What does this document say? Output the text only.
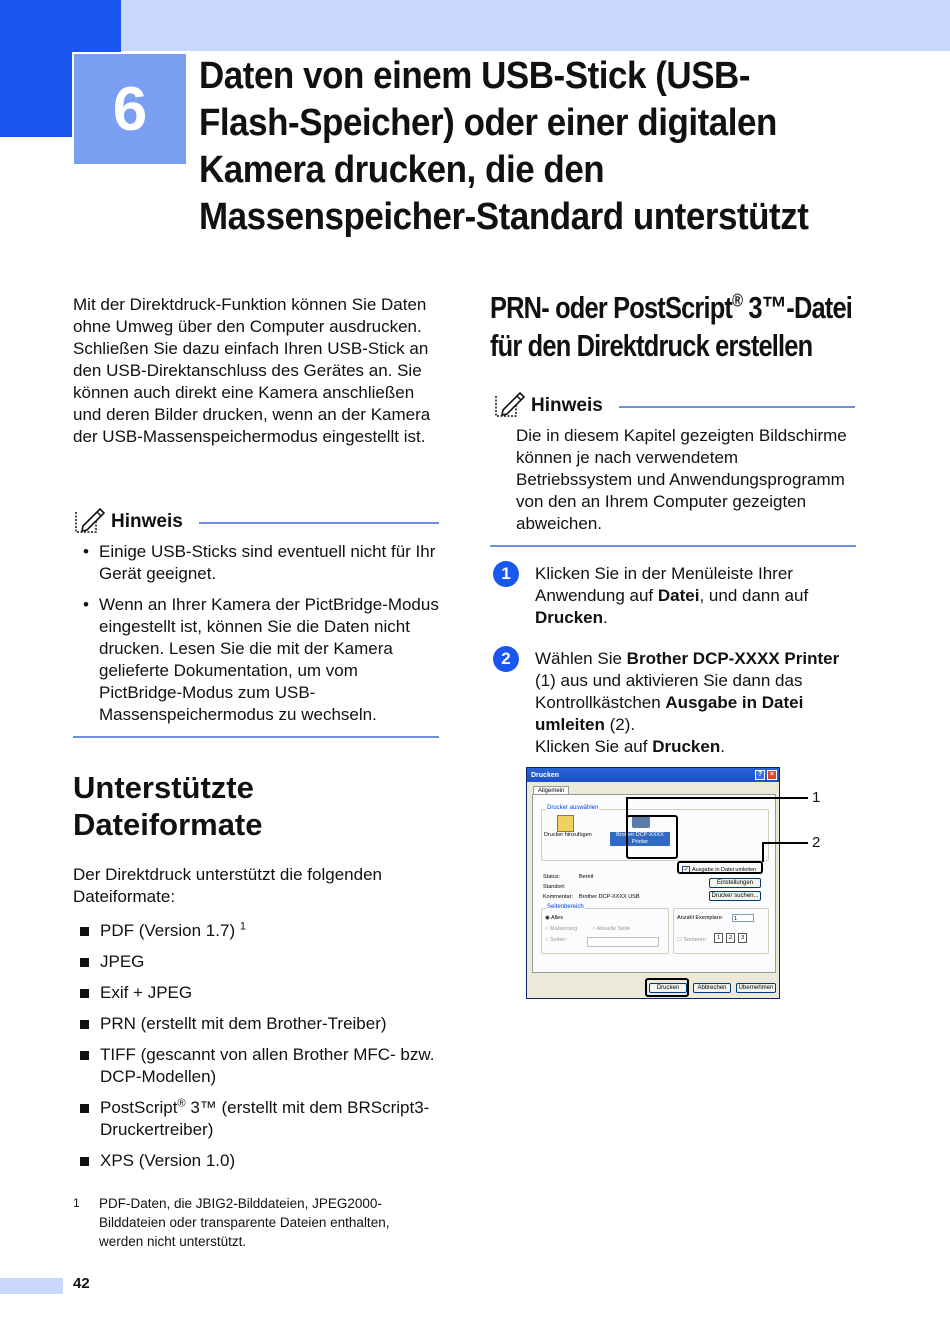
6	Daten von einem USB-Stick (USB-
Flash-Speicher) oder einer digitalen
Kamera drucken, die den
Massenspeicher-Standard unterstützt
Mit der Direktdruck-Funktion können Sie Daten ohne Umweg über den Computer ausdrucken. Schließen Sie dazu einfach Ihren USB-Stick an den USB-Direktanschluss des Gerätes an. Sie können auch direkt eine Kamera anschließen und deren Bilder drucken, wenn an der Kamera der USB-Massenspeichermodus eingestellt ist.
Hinweis
• Einige USB-Sticks sind eventuell nicht für Ihr Gerät geeignet.
• Wenn an Ihrer Kamera der PictBridge-Modus eingestellt ist, können Sie die Daten nicht drucken. Lesen Sie die mit der Kamera gelieferte Dokumentation, um vom PictBridge-Modus zum USB-Massenspeichermodus zu wechseln.
Unterstützte
Dateiformate
Der Direktdruck unterstützt die folgenden Dateiformate:
PDF (Version 1.7) $^1$
JPEG
Exif + JPEG
PRN (erstellt mit dem Brother-Treiber)
TIFF (gescannt von allen Brother MFC- bzw. DCP-Modellen)
PostScript® 3™ (erstellt mit dem BRScript3-Druckertreiber)
XPS (Version 1.0)
1 PDF-Daten, die JBIG2-Bilddateien, JPEG2000-Bilddateien oder transparente Dateien enthalten, werden nicht unterstützt.
42
PRN- oder PostScript® 3™-Datei
für den Direktdruck erstellen
Hinweis
Die in diesem Kapitel gezeigten Bildschirme können je nach verwendetem Betriebssystem und Anwendungsprogramm von den an Ihrem Computer gezeigten abweichen.
1	Klicken Sie in der Menüleiste Ihrer Anwendung auf Datei, und dann auf Drucken.
2	Wählen Sie Brother DCP-XXXX Printer (1) aus und aktivieren Sie dann das Kontrollkästchen Ausgabe in Datei umleiten (2).
Klicken Sie auf Drucken.
Drucken	?	×
Allgemein
Drucker auswählen
Drucker hinzufügen	Brother DCP-XXXX
Printer
Status:	Bereit
Standort:
Kommentar: Brother DCP-XXXX USB
✓ Ausgabe in Datei umleiten
Einstellungen
Drucker suchen...
Seitenbereich
◉ Alles
○ Markierung	○ Aktuelle Seite
○ Seiten:
Anzahl Exemplare:	1
☐ Sortieren	1	2	3
Drucken	Abbrechen	Übernehmen
1
2
